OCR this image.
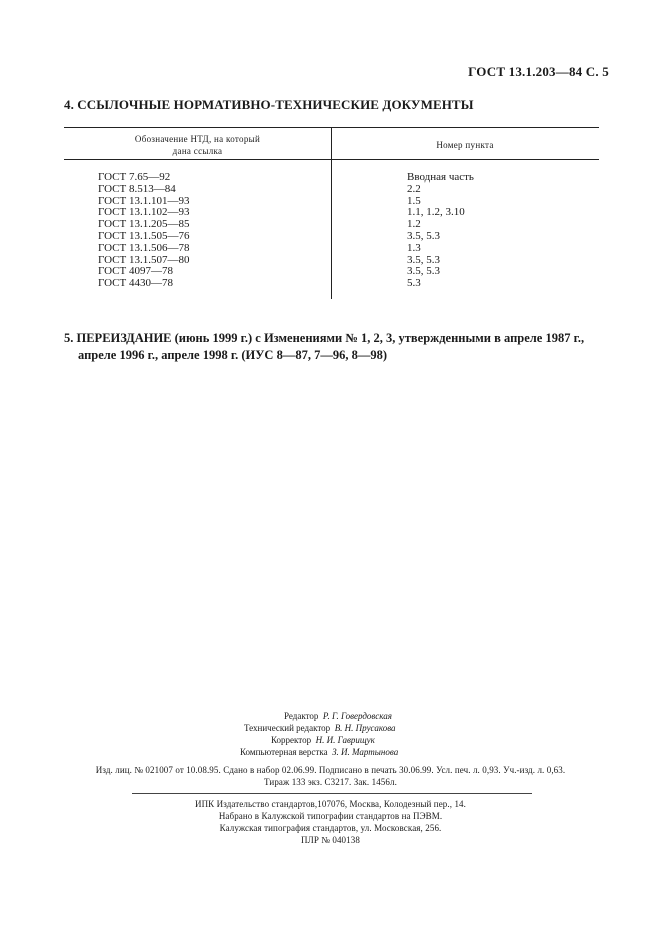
ГОСТ 13.1.203—84 С. 5
4. ССЫЛОЧНЫЕ НОРМАТИВНО-ТЕХНИЧЕСКИЕ ДОКУМЕНТЫ
Обозначение НТД, на который
дана ссылка
Номер пункта
ГОСТ 7.65—92	Вводная часть
ГОСТ 8.513—84	2.2
ГОСТ 13.1.101—93	1.5
ГОСТ 13.1.102—93	1.1, 1.2, 3.10
ГОСТ 13.1.205—85	1.2
ГОСТ 13.1.505—76	3.5, 5.3
ГОСТ 13.1.506—78	1.3
ГОСТ 13.1.507—80	3.5, 5.3
ГОСТ 4097—78	3.5, 5.3
ГОСТ 4430—78	5.3
5. ПЕРЕИЗДАНИЕ (июнь 1999 г.) с Изменениями № 1, 2, 3, утвержденными в апреле 1987 г.,
апреле 1996 г., апреле 1998 г. (ИУС 8—87, 7—96, 8—98)
Редактор Р. Г. Говердовская
Технический редактор В. Н. Прусакова
Корректор Н. И. Гаврищук
Компьютерная верстка З. И. Мартынова
Изд. лиц. № 021007 от 10.08.95. Сдано в набор 02.06.99. Подписано в печать 30.06.99. Усл. печ. л. 0,93. Уч.-изд. л. 0,63.
Тираж 133 экз. С3217. Зак. 1456л.
ИПК Издательство стандартов,107076, Москва, Колодезный пер., 14.
Набрано в Калужской типографии стандартов на ПЭВМ.
Калужская типография стандартов, ул. Московская, 256.
ПЛР № 040138
